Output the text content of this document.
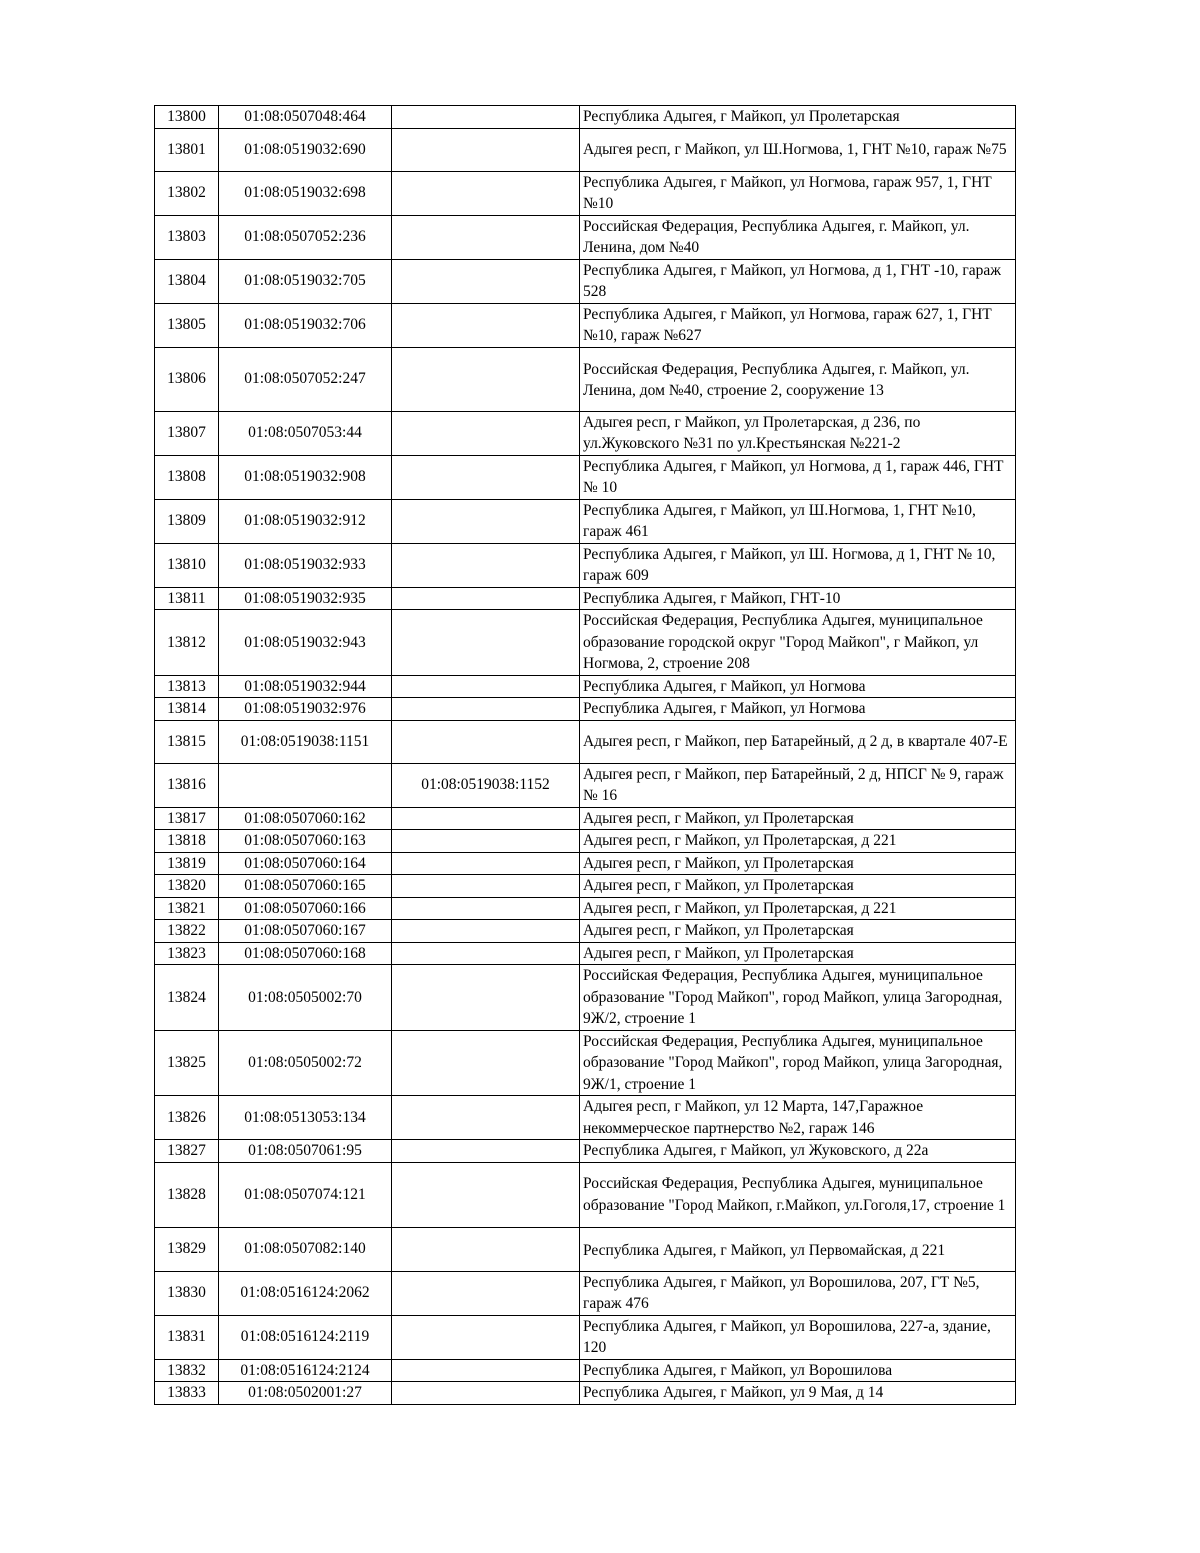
13800	01:08:0507048:464		Республика Адыгея, г Майкоп, ул Пролетарская
13801	01:08:0519032:690		Адыгея респ, г Майкоп, ул Ш.Ногмова, 1, ГНТ №10, гараж №75
13802	01:08:0519032:698		Республика Адыгея, г Майкоп, ул Ногмова, гараж 957, 1, ГНТ №10
13803	01:08:0507052:236		Российская Федерация, Республика Адыгея, г. Майкоп, ул. Ленина, дом №40
13804	01:08:0519032:705		Республика Адыгея, г Майкоп, ул Ногмова, д 1, ГНТ -10, гараж 528
13805	01:08:0519032:706		Республика Адыгея, г Майкоп, ул Ногмова, гараж 627, 1, ГНТ №10, гараж №627
13806	01:08:0507052:247		Российская Федерация, Республика Адыгея, г. Майкоп, ул. Ленина, дом №40, строение 2, сооружение 13
13807	01:08:0507053:44		Адыгея респ, г Майкоп, ул Пролетарская, д 236, по ул.Жуковского №31 по ул.Крестьянская №221-2
13808	01:08:0519032:908		Республика Адыгея, г Майкоп, ул Ногмова, д 1, гараж 446, ГНТ № 10
13809	01:08:0519032:912		Республика Адыгея, г Майкоп, ул Ш.Ногмова, 1, ГНТ №10, гараж 461
13810	01:08:0519032:933		Республика Адыгея, г Майкоп, ул Ш. Ногмова, д 1, ГНТ № 10, гараж 609
13811	01:08:0519032:935		Республика Адыгея, г Майкоп, ГНТ-10
13812	01:08:0519032:943		Российская Федерация, Республика Адыгея, муниципальное образование городской округ "Город Майкоп", г Майкоп, ул Ногмова, 2, строение 208
13813	01:08:0519032:944		Республика Адыгея, г Майкоп, ул Ногмова
13814	01:08:0519032:976		Республика Адыгея, г Майкоп, ул Ногмова
13815	01:08:0519038:1151		Адыгея респ, г Майкоп, пер Батарейный, д 2 д, в квартале 407-Е
13816		01:08:0519038:1152	Адыгея респ, г Майкоп, пер Батарейный, 2 д, НПСГ № 9, гараж № 16
13817	01:08:0507060:162		Адыгея респ, г Майкоп, ул Пролетарская
13818	01:08:0507060:163		Адыгея респ, г Майкоп, ул Пролетарская, д 221
13819	01:08:0507060:164		Адыгея респ, г Майкоп, ул Пролетарская
13820	01:08:0507060:165		Адыгея респ, г Майкоп, ул Пролетарская
13821	01:08:0507060:166		Адыгея респ, г Майкоп, ул Пролетарская, д 221
13822	01:08:0507060:167		Адыгея респ, г Майкоп, ул Пролетарская
13823	01:08:0507060:168		Адыгея респ, г Майкоп, ул Пролетарская
13824	01:08:0505002:70		Российская Федерация, Республика Адыгея, муниципальное образование "Город Майкоп", город Майкоп, улица Загородная, 9Ж/2, строение 1
13825	01:08:0505002:72		Российская Федерация, Республика Адыгея, муниципальное образование "Город Майкоп", город Майкоп, улица Загородная, 9Ж/1, строение 1
13826	01:08:0513053:134		Адыгея респ, г Майкоп, ул 12 Марта, 147,Гаражное некоммерческое партнерство №2, гараж 146
13827	01:08:0507061:95		Республика Адыгея, г Майкоп, ул Жуковского, д 22а
13828	01:08:0507074:121		Российская Федерация, Республика Адыгея, муниципальное образование "Город Майкоп, г.Майкоп, ул.Гоголя,17, строение 1
13829	01:08:0507082:140		Республика Адыгея, г Майкоп, ул Первомайская, д 221
13830	01:08:0516124:2062		Республика Адыгея, г Майкоп, ул Ворошилова, 207, ГТ №5, гараж 476
13831	01:08:0516124:2119		Республика Адыгея, г Майкоп, ул Ворошилова, 227-а, здание, 120
13832	01:08:0516124:2124		Республика Адыгея, г Майкоп, ул Ворошилова
13833	01:08:0502001:27		Республика Адыгея, г Майкоп, ул 9 Мая, д 14
